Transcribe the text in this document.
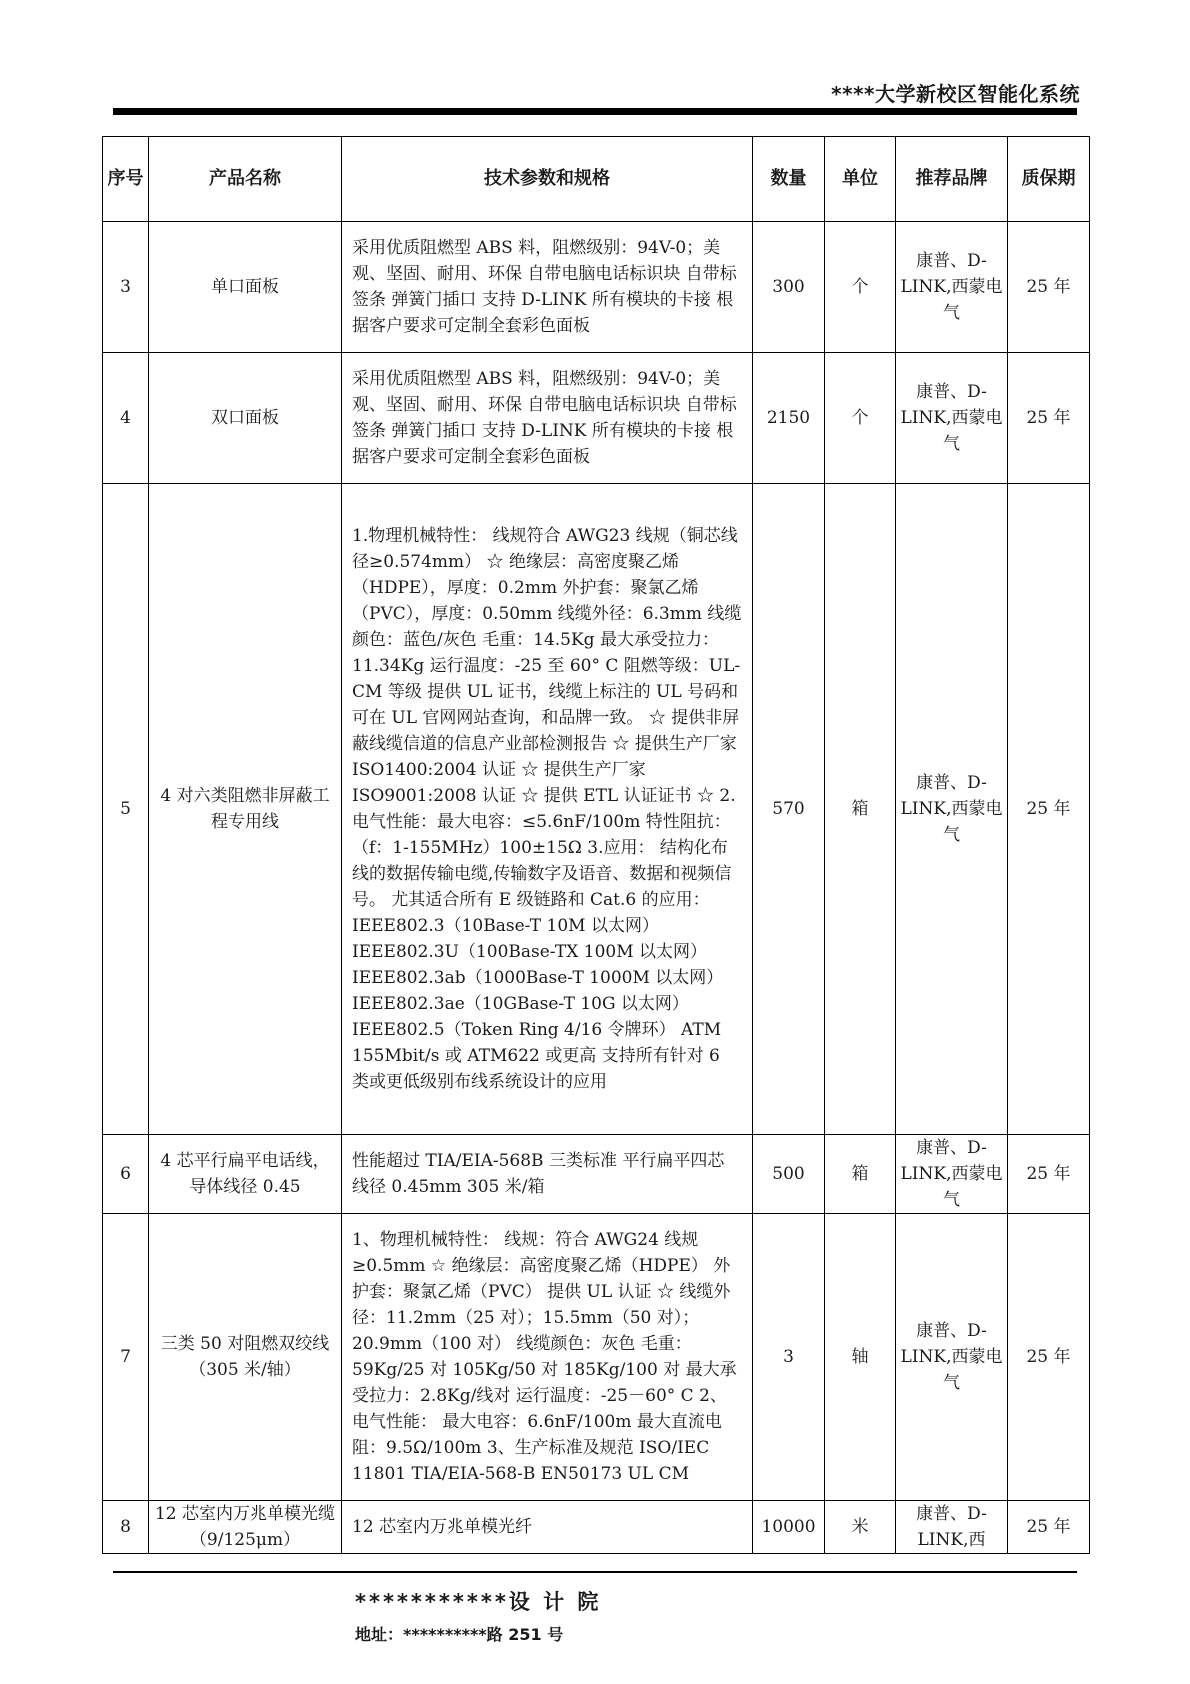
****大学新校区智能化系统
序号	产品名称	技术参数和规格	数量	单位	推荐品牌	质保期
3	单口面板	采用优质阻燃型 ABS 料，阻燃级别：94V-0；美观、坚固、耐用、环保 自带电脑电话标识块 自带标签条 弹簧门插口 支持 D-LINK 所有模块的卡接 根据客户要求可定制全套彩色面板	300	个	康普、D-LINK,西蒙电气	25 年
4	双口面板	采用优质阻燃型 ABS 料，阻燃级别：94V-0；美观、坚固、耐用、环保 自带电脑电话标识块 自带标签条 弹簧门插口 支持 D-LINK 所有模块的卡接 根据客户要求可定制全套彩色面板	2150	个	康普、D-LINK,西蒙电气	25 年
5	4 对六类阻燃非屏蔽工程专用线	1.物理机械特性： 线规符合 AWG23 线规（铜芯线径≥0.574mm） ☆ 绝缘层：高密度聚乙烯（HDPE），厚度：0.2mm 外护套：聚氯乙烯（PVC），厚度：0.50mm 线缆外径：6.3mm 线缆颜色：蓝色/灰色 毛重：14.5Kg 最大承受拉力：11.34Kg 运行温度：-25 至 60° C 阻燃等级：UL-CM 等级 提供 UL 证书，线缆上标注的 UL 号码和可在 UL 官网网站查询，和品牌一致。 ☆ 提供非屏蔽线缆信道的信息产业部检测报告 ☆ 提供生产厂家 ISO1400:2004 认证 ☆ 提供生产厂家 ISO9001:2008 认证 ☆ 提供 ETL 认证证书 ☆ 2.电气性能：最大电容：≤5.6nF/100m 特性阻抗：（f：1-155MHz）100±15Ω 3.应用： 结构化布线的数据传输电缆,传输数字及语音、数据和视频信号。 尤其适合所有 E 级链路和 Cat.6 的应用： IEEE802.3（10Base-T 10M 以太网） IEEE802.3U（100Base-TX 100M 以太网） IEEE802.3ab（1000Base-T 1000M 以太网） IEEE802.3ae（10GBase-T 10G 以太网） IEEE802.5（Token Ring 4/16 令牌环） ATM 155Mbit/s 或 ATM622 或更高 支持所有针对 6 类或更低级别布线系统设计的应用	570	箱	康普、D-LINK,西蒙电气	25 年
6	4 芯平行扁平电话线，导体线径 0.45	性能超过 TIA/EIA-568B 三类标准 平行扁平四芯 线径 0.45mm 305 米/箱	500	箱	康普、D-LINK,西蒙电气	25 年
7	三类 50 对阻燃双绞线（305 米/轴）	1、物理机械特性： 线规：符合 AWG24 线规 ≥0.5mm ☆ 绝缘层：高密度聚乙烯（HDPE） 外护套：聚氯乙烯（PVC） 提供 UL 认证 ☆ 线缆外径：11.2mm（25 对）；15.5mm（50 对）；20.9mm（100 对） 线缆颜色：灰色 毛重：59Kg/25 对 105Kg/50 对 185Kg/100 对 最大承受拉力：2.8Kg/线对 运行温度：-25－60° C 2、电气性能： 最大电容：6.6nF/100m 最大直流电阻：9.5Ω/100m 3、生产标准及规范 ISO/IEC 11801 TIA/EIA-568-B EN50173 UL CM	3	轴	康普、D-LINK,西蒙电气	25 年
8	12 芯室内万兆单模光缆（9/125μm）	12 芯室内万兆单模光纤	10000	米	康普、D-LINK,西	25 年
***********设 计 院
地址：**********路 251 号
